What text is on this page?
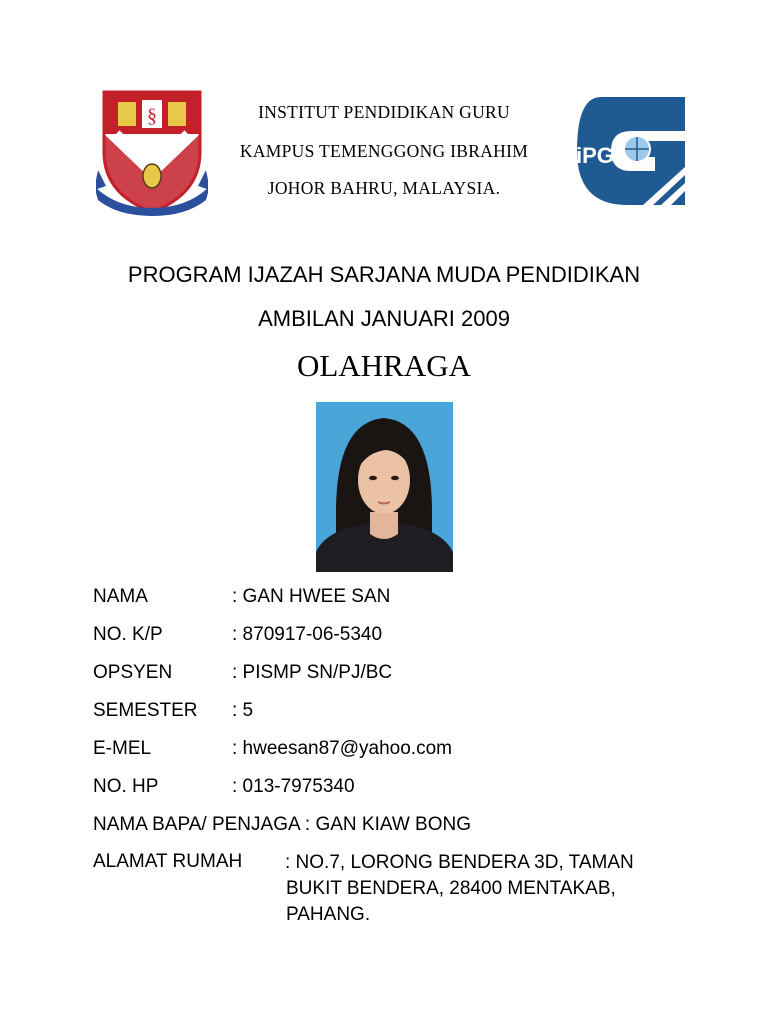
§
iPG
INSTITUT PENDIDIKAN GURU
KAMPUS TEMENGGONG IBRAHIM
JOHOR BAHRU, MALAYSIA.
PROGRAM IJAZAH SARJANA MUDA PENDIDIKAN
AMBILAN JANUARI 2009
OLAHRAGA
NAMA	: GAN HWEE SAN
NO. K/P	: 870917-06-5340
OPSYEN	: PISMP SN/PJ/BC
SEMESTER : 5
E-MEL	: hweesan87@yahoo.com
NO. HP	: 013-7975340
NAMA BAPA/ PENJAGA : GAN KIAW BONG
ALAMAT RUMAH : NO.7, LORONG BENDERA 3D, TAMAN
BUKIT BENDERA, 28400 MENTAKAB,
PAHANG.
